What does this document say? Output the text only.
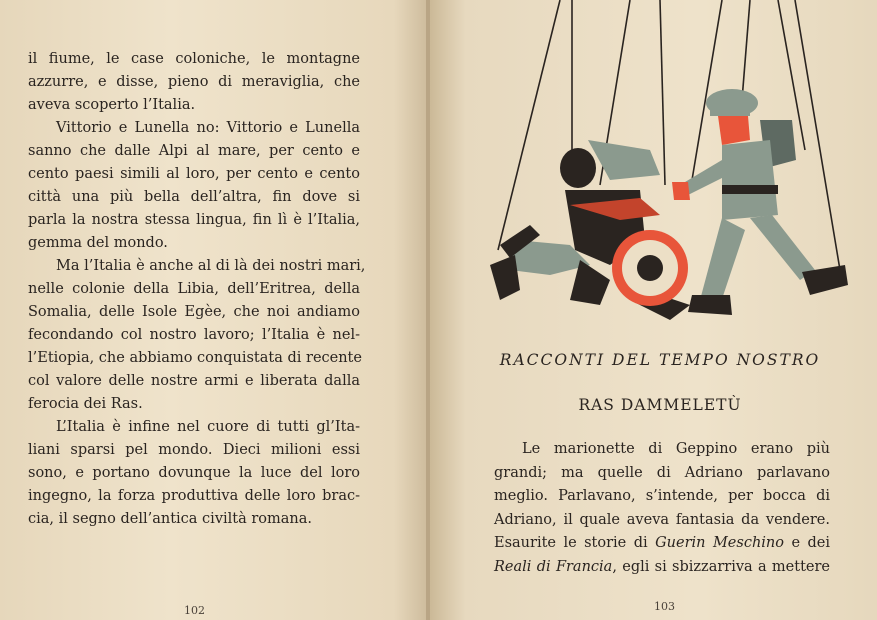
il fiume, le case coloniche, le montagne
azzurre, e disse, pieno di meraviglia, che
aveva scoperto l’Italia.
Vittorio e Lunella no: Vittorio e Lunella
sanno che dalle Alpi al mare, per cento e
cento paesi simili al loro, per cento e cento
città una più bella dell’altra, fin dove si
parla la nostra stessa lingua, fin lì è l’Italia,
gemma del mondo.
Ma l’Italia è anche al di là dei nostri mari,
nelle colonie della Libia, dell’Eritrea, della
Somalia, delle Isole Egèe, che noi andiamo
fecondando col nostro lavoro; l’Italia è nel-
l’Etiopia, che abbiamo conquistata di recente
col valore delle nostre armi e liberata dalla
ferocia dei Ras.
L’Italia è infine nel cuore di tutti gl’Ita-
liani sparsi pel mondo. Dieci milioni essi
sono, e portano dovunque la luce del loro
ingegno, la forza produttiva delle loro brac-
cia, il segno dell’antica civiltà romana.
102	103
RACCONTI DEL TEMPO NOSTRO
RAS DAMMELETÙ
Le marionette di Geppino erano più
grandi; ma quelle di Adriano parlavano
meglio. Parlavano, s’intende, per bocca di
Adriano, il quale aveva fantasia da vendere.
Esaurite le storie di Guerin Meschino e dei
Reali di Francia, egli si sbizzarriva a mettere
